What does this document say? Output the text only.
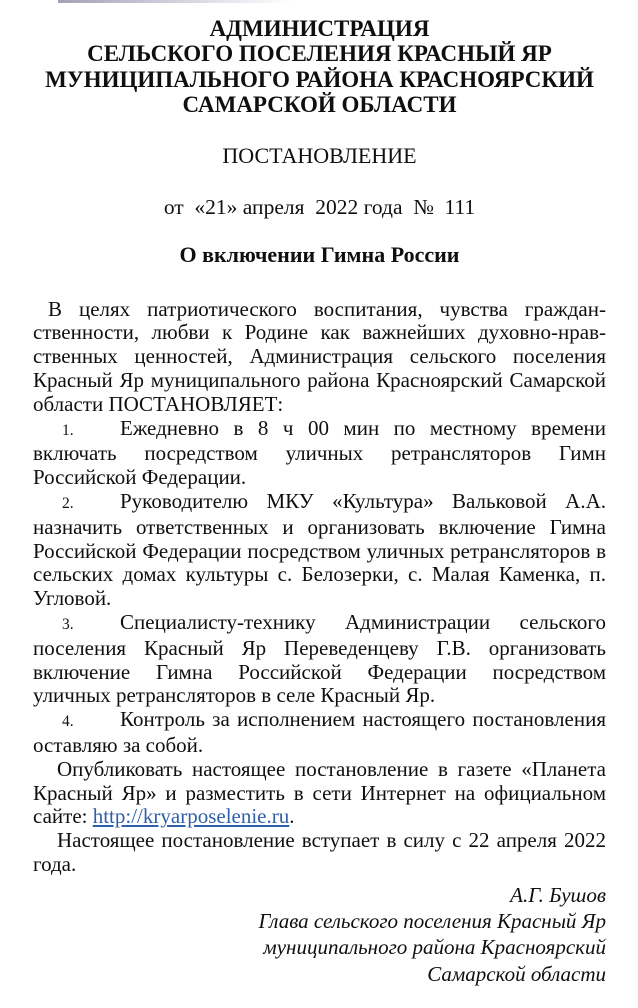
АДМИНИСТРАЦИЯ
СЕЛЬСКОГО ПОСЕЛЕНИЯ КРАСНЫЙ ЯР
МУНИЦИПАЛЬНОГО РАЙОНА КРАСНОЯРСКИЙ
САМАРСКОЙ ОБЛАСТИ
ПОСТАНОВЛЕНИЕ
от  «21» апреля  2022 года  №  111
О включении Гимна России

В целях патриотического воспитания, чувства гражданственности, любви к Родине как важнейших духовно-нравственных ценностей, Администрация сельского поселения Красный Яр муниципального района Красноярский Самарской области ПОСТАНОВЛЯЕТ:

1. Ежедневно в 8 ч 00 мин по местному времени включать посредством уличных ретрансляторов Гимн Российской Федерации.

2. Руководителю МКУ «Культура» Вальковой А.А. назначить ответственных и организовать включение Гимна Российской Федерации посредством уличных ретрансляторов в сельских домах культуры с. Белозерки, с. Малая Каменка, п. Угловой.

3. Специалисту-технику Администрации сельского поселения Красный Яр Переведенцеву Г.В. организовать включение Гимна Российской Федерации посредством уличных ретрансляторов в селе Красный Яр.

4. Контроль за исполнением настоящего постановления оставляю за собой.

Опубликовать настоящее постановление в газете «Планета Красный Яр» и разместить в сети Интернет на официальном сайте: http://kryarposelenie.ru.

Настоящее постановление вступает в силу с 22 апреля 2022 года.

А.Г. Бушов
Глава сельского поселения Красный Яр
муниципального района Красноярский
Самарской области
